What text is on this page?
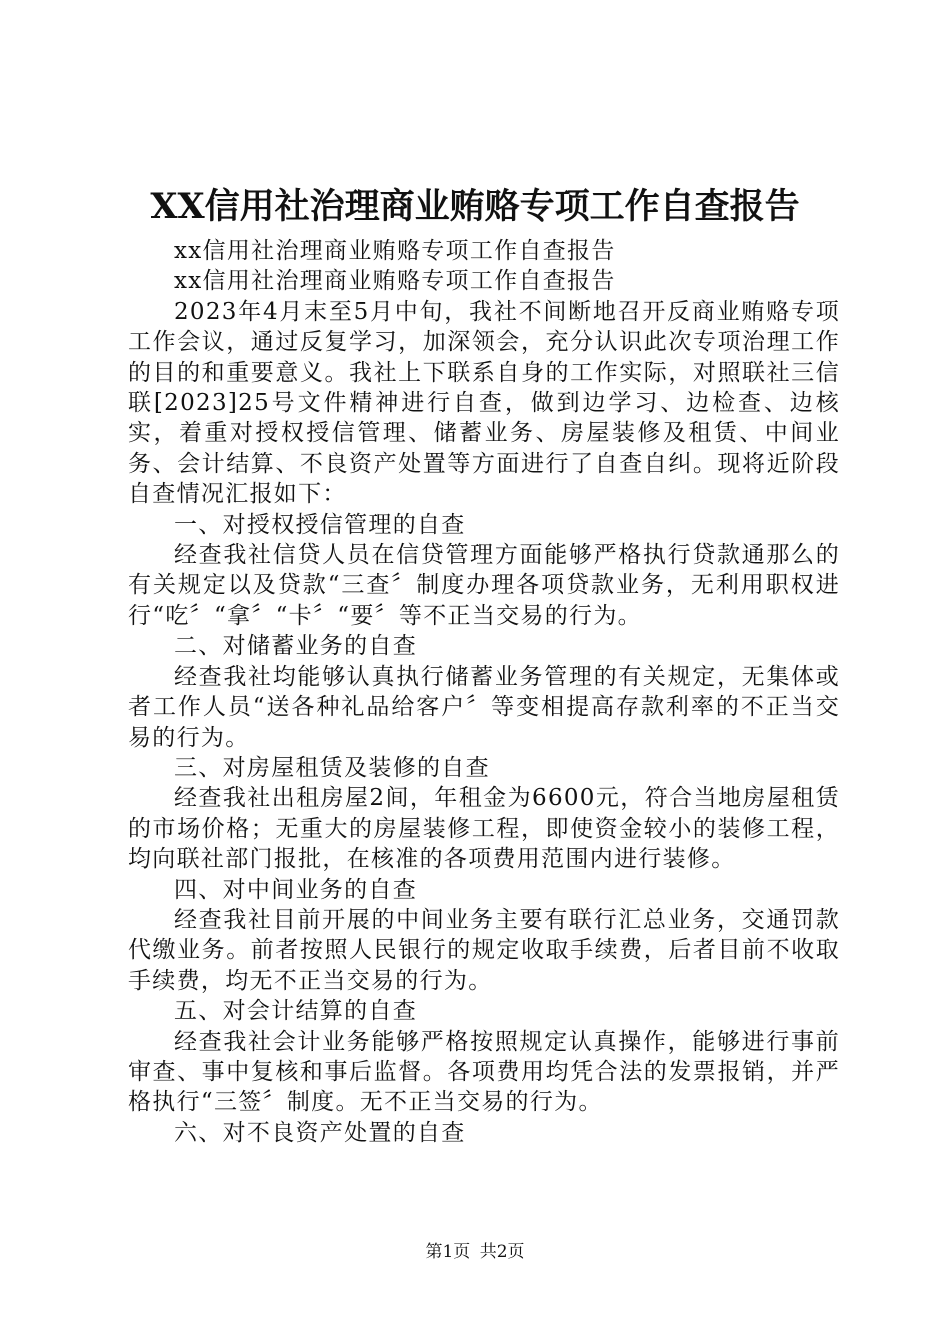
XX信用社治理商业贿赂专项工作自查报告

xx信用社治理商业贿赂专项工作自查报告

xx信用社治理商业贿赂专项工作自查报告

2023年4月末至5月中旬，我社不间断地召开反商业贿赂专项工作会议，通过反复学习，加深领会，充分认识此次专项治理工作的目的和重要意义。我社上下联系自身的工作实际，对照联社三信联[2023]25号文件精神进行自查，做到边学习、边检查、边核实，着重对授权授信管理、储蓄业务、房屋装修及租赁、中间业务、会计结算、不良资产处置等方面进行了自查自纠。现将近阶段自查情况汇报如下：

一、对授权授信管理的自查

经查我社信贷人员在信贷管理方面能够严格执行贷款通那么的有关规定以及贷款“三查〞制度办理各项贷款业务，无利用职权进行“吃〞“拿〞“卡〞“要〞等不正当交易的行为。

二、对储蓄业务的自查

经查我社均能够认真执行储蓄业务管理的有关规定，无集体或者工作人员“送各种礼品给客户〞等变相提高存款利率的不正当交易的行为。

三、对房屋租赁及装修的自查

经查我社出租房屋2间，年租金为6600元，符合当地房屋租赁的市场价格；无重大的房屋装修工程，即使资金较小的装修工程，均向联社部门报批，在核准的各项费用范围内进行装修。

四、对中间业务的自查

经查我社目前开展的中间业务主要有联行汇总业务，交通罚款代缴业务。前者按照人民银行的规定收取手续费，后者目前不收取手续费，均无不正当交易的行为。

五、对会计结算的自查

经查我社会计业务能够严格按照规定认真操作，能够进行事前审查、事中复核和事后监督。各项费用均凭合法的发票报销，并严格执行“三签〞制度。无不正当交易的行为。

六、对不良资产处置的自查

第1页 共2页
